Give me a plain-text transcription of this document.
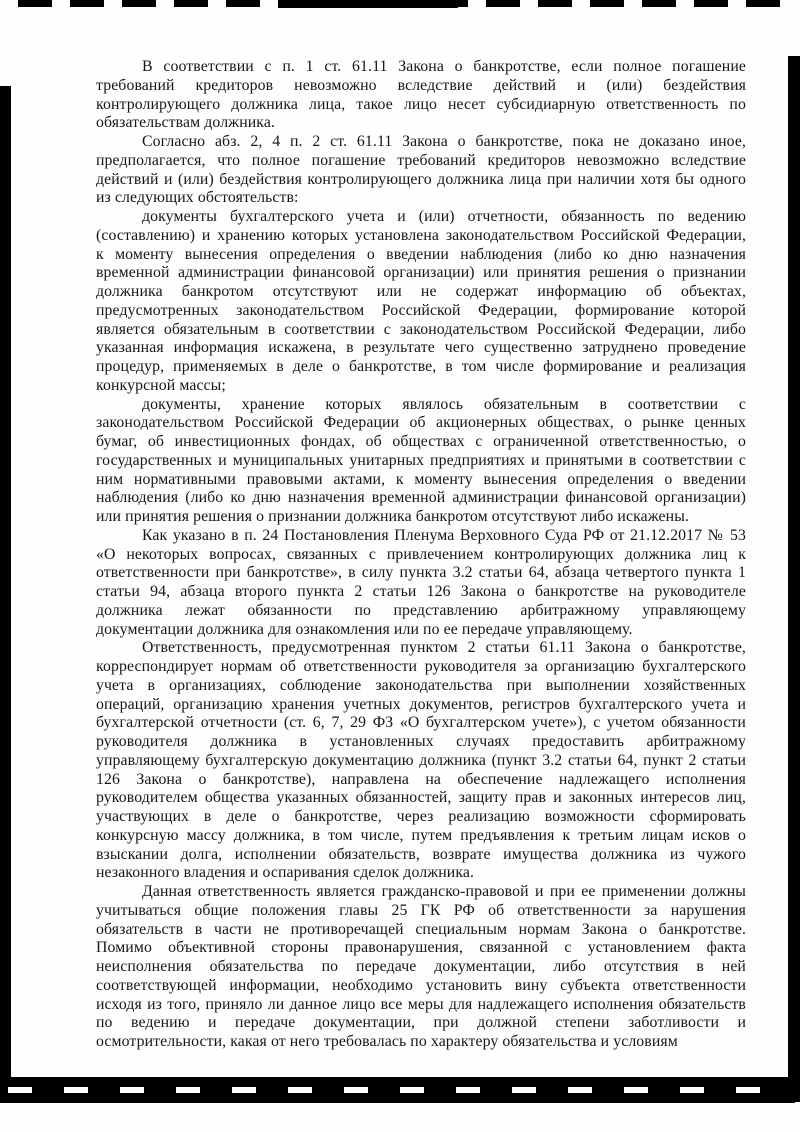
В соответствии с п. 1 ст. 61.11 Закона о банкротстве, если полное погашение
требований кредиторов невозможно вследствие действий и (или) бездействия
контролирующего должника лица, такое лицо несет субсидиарную ответственность по
обязательствам должника.
Согласно абз. 2, 4 п. 2 ст. 61.11 Закона о банкротстве, пока не доказано иное,
предполагается, что полное погашение требований кредиторов невозможно вследствие
действий и (или) бездействия контролирующего должника лица при наличии хотя бы одного
из следующих обстоятельств:
документы бухгалтерского учета и (или) отчетности, обязанность по ведению
(составлению) и хранению которых установлена законодательством Российской Федерации,
к моменту вынесения определения о введении наблюдения (либо ко дню назначения
временной администрации финансовой организации) или принятия решения о признании
должника банкротом отсутствуют или не содержат информацию об объектах,
предусмотренных законодательством Российской Федерации, формирование которой
является обязательным в соответствии с законодательством Российской Федерации, либо
указанная информация искажена, в результате чего существенно затруднено проведение
процедур, применяемых в деле о банкротстве, в том числе формирование и реализация
конкурсной массы;
документы, хранение которых являлось обязательным в соответствии с
законодательством Российской Федерации об акционерных обществах, о рынке ценных
бумаг, об инвестиционных фондах, об обществах с ограниченной ответственностью, о
государственных и муниципальных унитарных предприятиях и принятыми в соответствии с
ним нормативными правовыми актами, к моменту вынесения определения о введении
наблюдения (либо ко дню назначения временной администрации финансовой организации)
или принятия решения о признании должника банкротом отсутствуют либо искажены.
Как указано в п. 24 Постановления Пленума Верховного Суда РФ от 21.12.2017 № 53
«О некоторых вопросах, связанных с привлечением контролирующих должника лиц к
ответственности при банкротстве», в силу пункта 3.2 статьи 64, абзаца четвертого пункта 1
статьи 94, абзаца второго пункта 2 статьи 126 Закона о банкротстве на руководителе
должника лежат обязанности по представлению арбитражному управляющему
документации должника для ознакомления или по ее передаче управляющему.
Ответственность, предусмотренная пунктом 2 статьи 61.11 Закона о банкротстве,
корреспондирует нормам об ответственности руководителя за организацию бухгалтерского
учета в организациях, соблюдение законодательства при выполнении хозяйственных
операций, организацию хранения учетных документов, регистров бухгалтерского учета и
бухгалтерской отчетности (ст. 6, 7, 29 ФЗ «О бухгалтерском учете»), с учетом обязанности
руководителя должника в установленных случаях предоставить арбитражному
управляющему бухгалтерскую документацию должника (пункт 3.2 статьи 64, пункт 2 статьи
126 Закона о банкротстве), направлена на обеспечение надлежащего исполнения
руководителем общества указанных обязанностей, защиту прав и законных интересов лиц,
участвующих в деле о банкротстве, через реализацию возможности сформировать
конкурсную массу должника, в том числе, путем предъявления к третьим лицам исков о
взыскании долга, исполнении обязательств, возврате имущества должника из чужого
незаконного владения и оспаривания сделок должника.
Данная ответственность является гражданско-правовой и при ее применении должны
учитываться общие положения главы 25 ГК РФ об ответственности за нарушения
обязательств в части не противоречащей специальным нормам Закона о банкротстве.
Помимо объективной стороны правонарушения, связанной с установлением факта
неисполнения обязательства по передаче документации, либо отсутствия в ней
соответствующей информации, необходимо установить вину субъекта ответственности
исходя из того, приняло ли данное лицо все меры для надлежащего исполнения обязательств
по ведению и передаче документации, при должной степени заботливости и
осмотрительности, какая от него требовалась по характеру обязательства и условиям
